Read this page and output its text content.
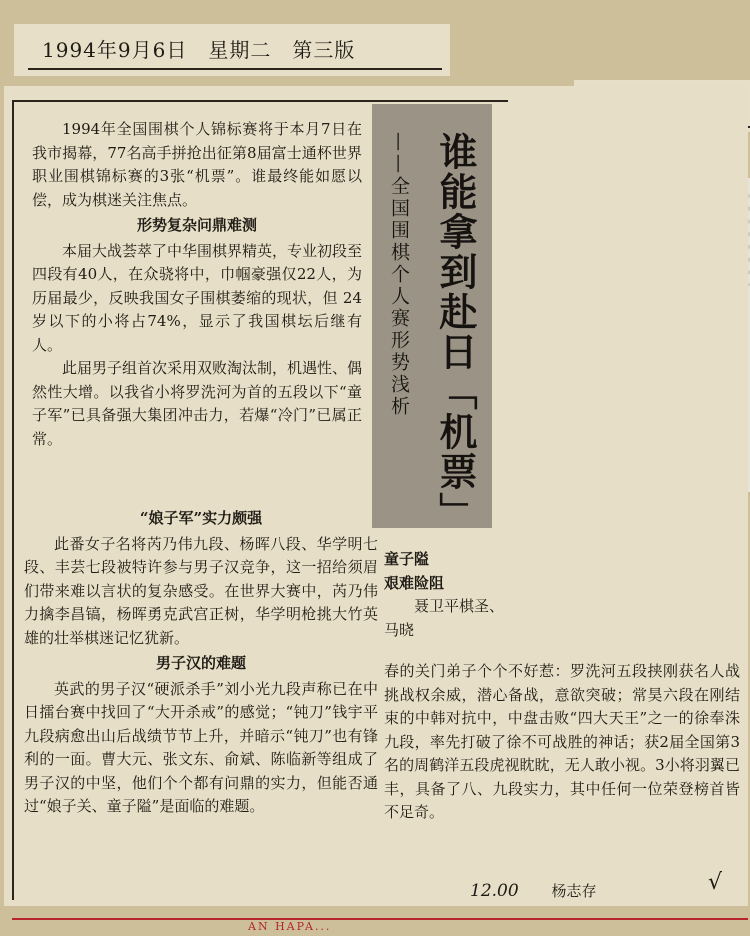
1994年9月6日　星期二　第三版

1994年全国围棋个人锦标赛将于本月7日在我市揭幕，77名高手拼抢出征第8届富士通杯世界职业围棋锦标赛的3张“机票”。谁最终能如愿以偿，成为棋迷关注焦点。

形势复杂问鼎难测

本届大战荟萃了中华围棋界精英，专业初段至四段有40人，在众骁将中，巾帼豪强仅22人，为历届最少，反映我国女子围棋萎缩的现状，但 24 岁以下的小将占74%，显示了我国棋坛后继有人。

此届男子组首次采用双败淘汰制，机遇性、偶然性大增。以我省小将罗洗河为首的五段以下“童子军”已具备强大集团冲击力，若爆“冷门”已属正常。

“娘子军”实力颇强

此番女子名将芮乃伟九段、杨晖八段、华学明七段、丰芸七段被特许参与男子汉竞争，这一招给须眉们带来难以言状的复杂感受。在世界大赛中，芮乃伟力擒李昌镐，杨晖勇克武宫正树，华学明枪挑大竹英雄的壮举棋迷记忆犹新。

男子汉的难题

英武的男子汉“硬派杀手”刘小光九段声称已在中日擂台赛中找回了“大开杀戒”的感觉；“钝刀”钱宇平九段病愈出山后战绩节节上升，并暗示“钝刀”也有锋利的一面。曹大元、张文东、俞斌、陈临新等组成了男子汉的中坚，他们个个都有问鼎的实力，但能否通过“娘子关、童子隘”是面临的难题。

谁能拿到赴日「机票」
——全国围棋个人赛形势浅析
童子隘
艰难险阻

聂卫平棋圣、马晓

春的关门弟子个个不好惹：罗洗河五段挟刚获名人战挑战权余威，潜心备战，意欲突破；常昊六段在刚结束的中韩对抗中，中盘击败“四大天王”之一的徐奉洙九段，率先打破了徐不可战胜的神话；获2届全国第3名的周鹤洋五段虎视眈眈，无人敢小视。3小将羽翼已丰，具备了八、九段实力，其中任何一位荣登榜首皆不足奇。

12.00 杨志存	√
AN HAPA...
